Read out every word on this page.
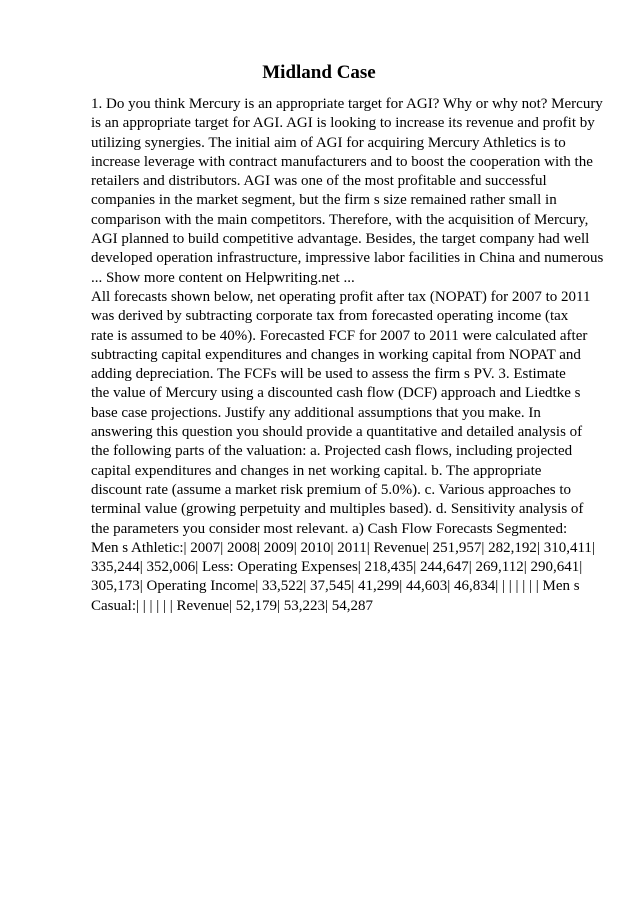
Midland Case
1. Do you think Mercury is an appropriate target for AGI? Why or why not? Mercury
is an appropriate target for AGI. AGI is looking to increase its revenue and profit by
utilizing synergies. The initial aim of AGI for acquiring Mercury Athletics is to
increase leverage with contract manufacturers and to boost the cooperation with the
retailers and distributors. AGI was one of the most profitable and successful
companies in the market segment, but the firm s size remained rather small in
comparison with the main competitors. Therefore, with the acquisition of Mercury,
AGI planned to build competitive advantage. Besides, the target company had well
developed operation infrastructure, impressive labor facilities in China and numerous
... Show more content on Helpwriting.net ...
All forecasts shown below, net operating profit after tax (NOPAT) for 2007 to 2011
was derived by subtracting corporate tax from forecasted operating income (tax
rate is assumed to be 40%). Forecasted FCF for 2007 to 2011 were calculated after
subtracting capital expenditures and changes in working capital from NOPAT and
adding depreciation. The FCFs will be used to assess the firm s PV. 3. Estimate
the value of Mercury using a discounted cash flow (DCF) approach and Liedtke s
base case projections. Justify any additional assumptions that you make. In
answering this question you should provide a quantitative and detailed analysis of
the following parts of the valuation: a. Projected cash flows, including projected
capital expenditures and changes in net working capital. b. The appropriate
discount rate (assume a market risk premium of 5.0%). c. Various approaches to
terminal value (growing perpetuity and multiples based). d. Sensitivity analysis of
the parameters you consider most relevant. a) Cash Flow Forecasts Segmented:
Men s Athletic:| 2007| 2008| 2009| 2010| 2011| Revenue| 251,957| 282,192| 310,411|
335,244| 352,006| Less: Operating Expenses| 218,435| 244,647| 269,112| 290,641|
305,173| Operating Income| 33,522| 37,545| 41,299| 44,603| 46,834| | | | | | | Men s
Casual:| | | | | | Revenue| 52,179| 53,223| 54,287
